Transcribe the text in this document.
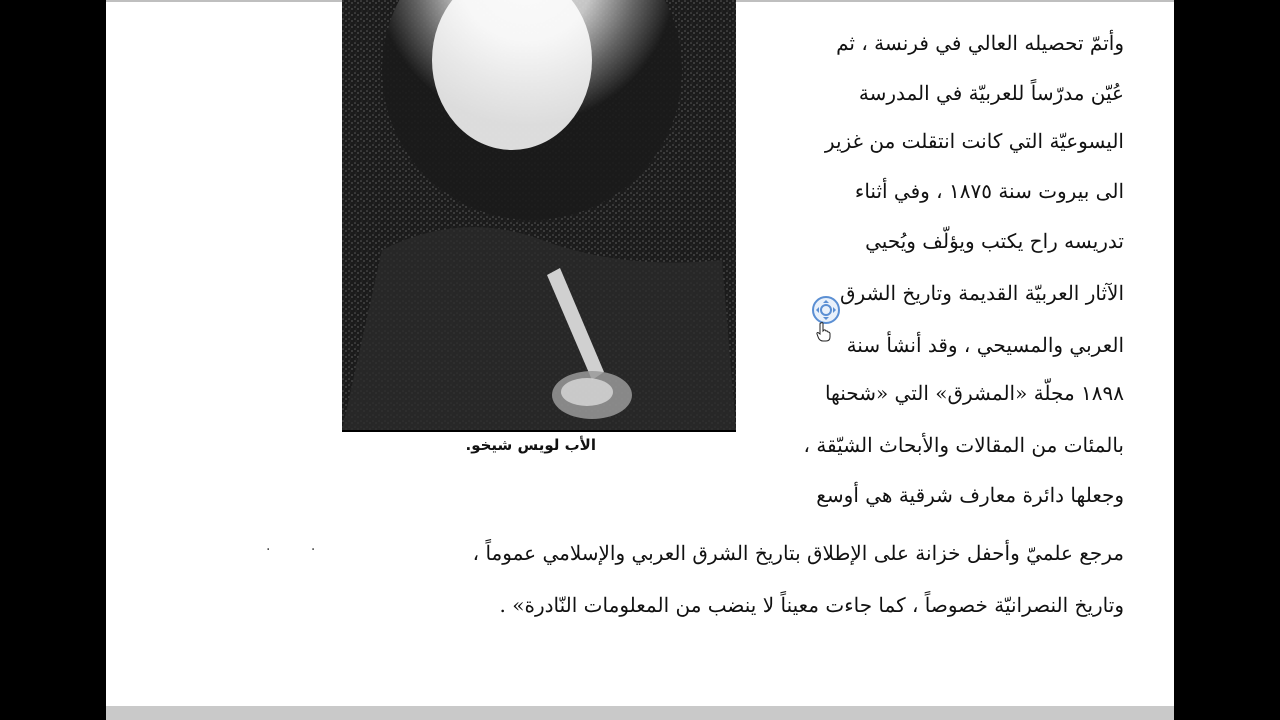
الأب لويس شيخو.
وأتمّ تحصيله العالي في فرنسة ، ثم
عُيّن مدرّساً للعربيّة في المدرسة
اليسوعيّة التي كانت انتقلت من غزير
الى بيروت سنة ١٨٧٥ ، وفي أثناء
تدريسه راح يكتب ويؤلّف ويُحيي
الآثار العربيّة القديمة وتاريخ الشرق
العربي والمسيحي ، وقد أنشأ سنة
١٨٩٨ مجلّة «المشرق» التي «شحنها
بالمئات من المقالات والأبحاث الشيّقة ،
وجعلها دائرة معارف شرقية هي أوسع
مرجع علميّ وأحفل خزانة على الإطلاق بتاريخ الشرق العربي والإسلامي عموماً ،
وتاريخ النصرانيّة خصوصاً ، كما جاءت معيناً لا ينضب من المعلومات النّادرة» .
. .
